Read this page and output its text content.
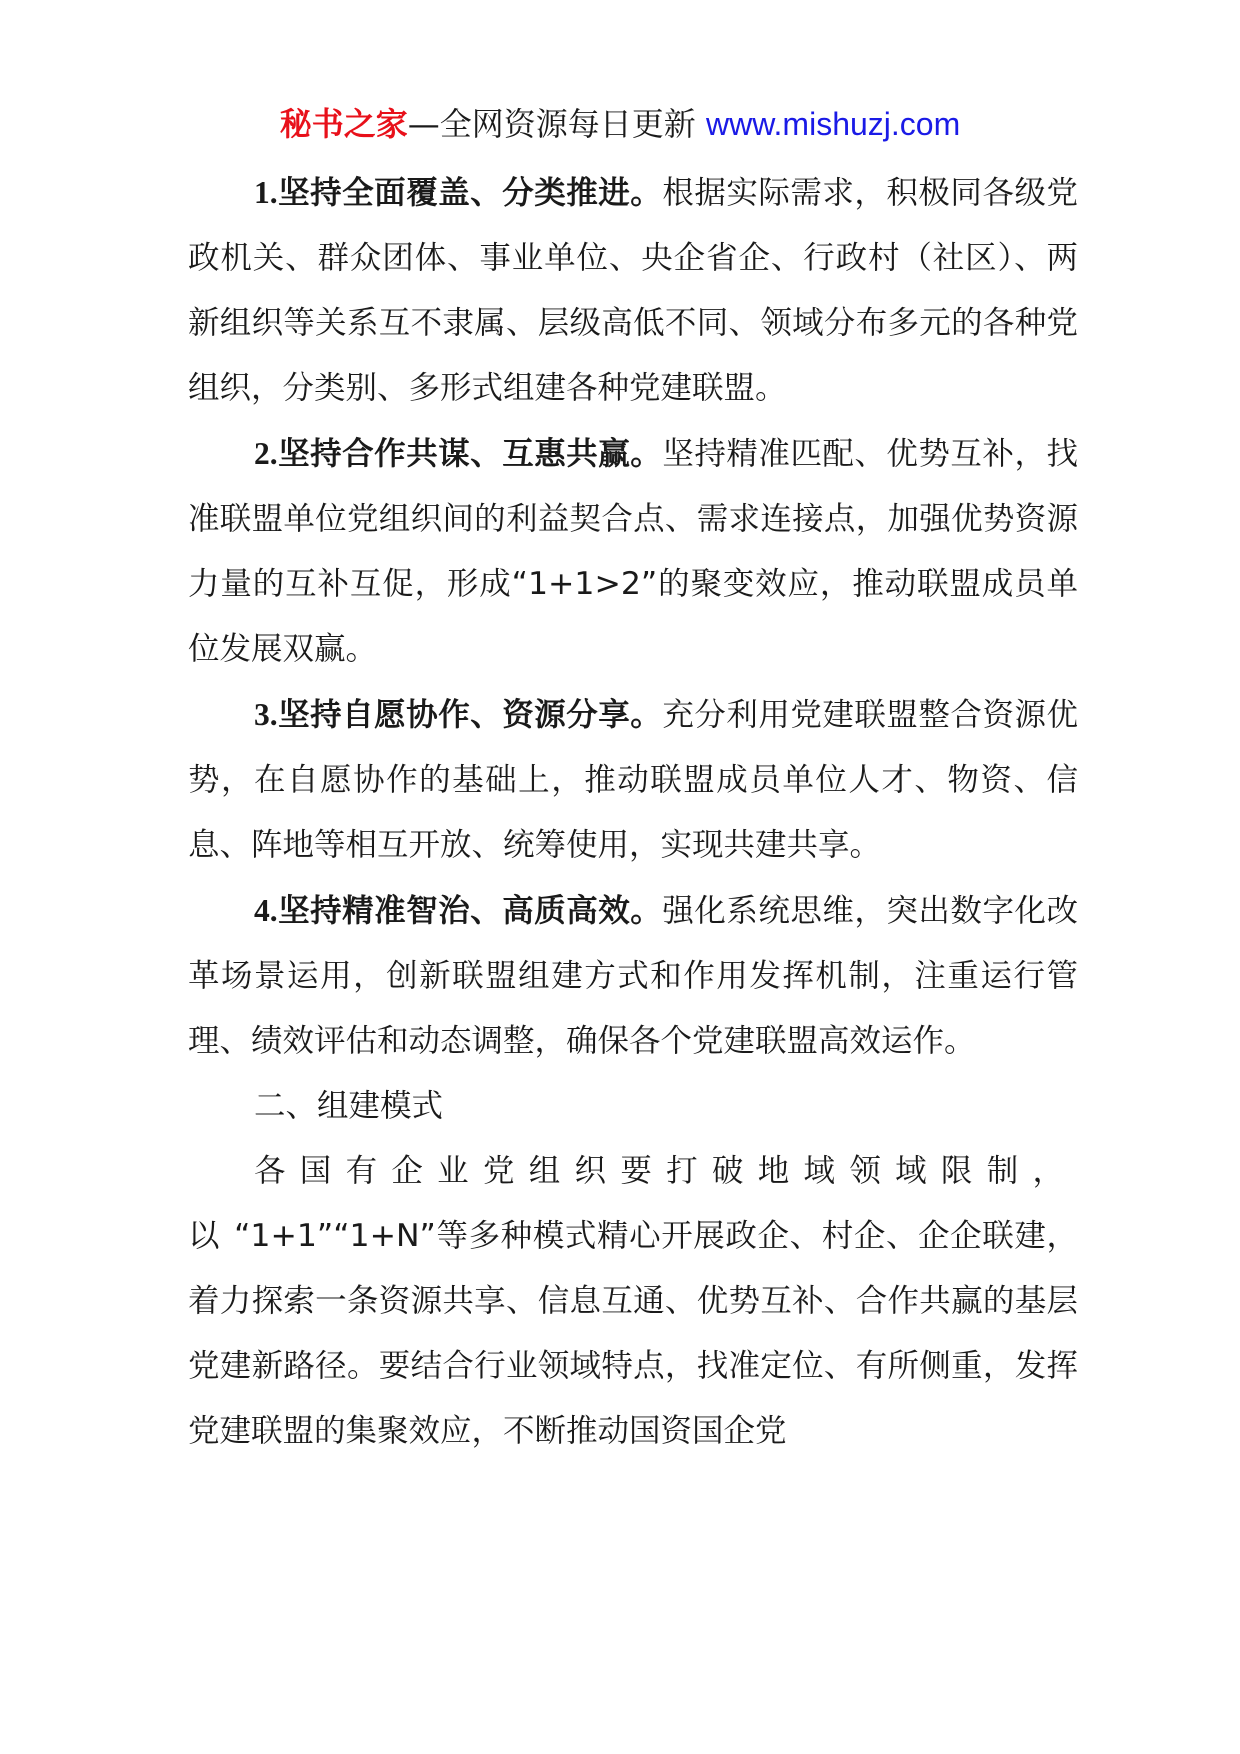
秘书之家—全网资源每日更新 www.mishuzj.com

1.坚持全面覆盖、分类推进。根据实际需求，积极同各级党政机关、群众团体、事业单位、央企省企、行政村（社区）、两新组织等关系互不隶属、层级高低不同、领域分布多元的各种党组织，分类别、多形式组建各种党建联盟。

2.坚持合作共谋、互惠共赢。坚持精准匹配、优势互补，找准联盟单位党组织间的利益契合点、需求连接点，加强优势资源力量的互补互促，形成“1+1>2”的聚变效应，推动联盟成员单位发展双赢。

3.坚持自愿协作、资源分享。充分利用党建联盟整合资源优势，在自愿协作的基础上，推动联盟成员单位人才、物资、信息、阵地等相互开放、统筹使用，实现共建共享。

4.坚持精准智治、高质高效。强化系统思维，突出数字化改革场景运用，创新联盟组建方式和作用发挥机制，注重运行管理、绩效评估和动态调整，确保各个党建联盟高效运作。

二、组建模式

各国有企业党组织要打破地域领域限制，以“1+1”“1+N”等多种模式精心开展政企、村企、企企联建，着力探索一条资源共享、信息互通、优势互补、合作共赢的基层党建新路径。要结合行业领域特点，找准定位、有所侧重，发挥党建联盟的集聚效应，不断推动国资国企党
